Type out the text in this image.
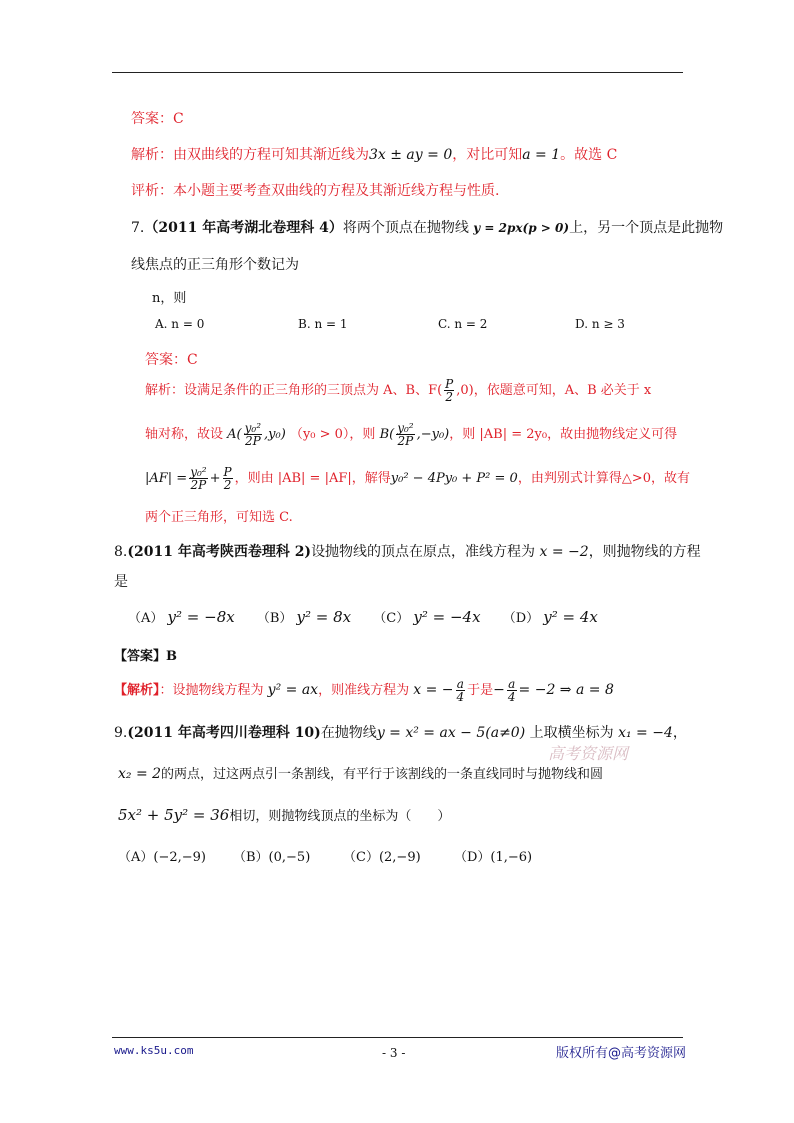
答案：C
解析：由双曲线的方程可知其渐近线为3x ± ay = 0，对比可知a = 1。故选 C
评析：本小题主要考查双曲线的方程及其渐近线方程与性质.
7.（2011 年高考湖北卷理科 4）将两个顶点在抛物线 y = 2px(p > 0)上，另一个顶点是此抛物
线焦点的正三角形个数记为
n，则
A. n = 0	B. n = 1	C. n = 2	D. n ≥ 3
答案：C
解析：设满足条件的正三角形的三顶点为 A、B、$F( \frac{P}{2} ,0)$，依题意可知，A、B 必关于 x
轴对称，故设 $A( \frac{\text{y₀²}}{2P} ,y_0)$ （y₀ > 0），则 $B( \frac{\text{y₀²}}{2P} ,-y_0)$，则 |AB| = 2y₀，故由抛物线定义可得
$|AF| = \frac{\text{y₀²}}{2P} + \frac{P}{2}$ ，则由 |AB| = |AF|，解得y₀² − 4Py₀ + P² = 0，由判别式计算得△>0，故有
两个正三角形，可知选 C.
8.(2011 年高考陕西卷理科 2)设抛物线的顶点在原点，准线方程为 x = −2，则抛物线的方程
是
（A） y² = −8x （B） y² = 8x （C） y² = −4x （D） y² = 4x
【答案】B
【解析】：设抛物线方程为 y² = ax，则准线方程为 x = − $\frac{a}{4}$ 于是− $\frac{a}{4} = -2$ ⇒ a = 8
9.(2011 年高考四川卷理科 10)在抛物线y = x² = ax − 5(a≠0) 上取横坐标为 x₁ = −4，
高考资源网
x₂ = 2的两点，过这两点引一条割线，有平行于该割线的一条直线同时与抛物线和圆
5x² + 5y² = 36相切，则抛物线顶点的坐标为（　　）
（A）(−2,−9) （B）(0,−5)	（C）(2,−9)	（D）(1,−6)
www.ks5u.com	- 3 -	版权所有@高考资源网
